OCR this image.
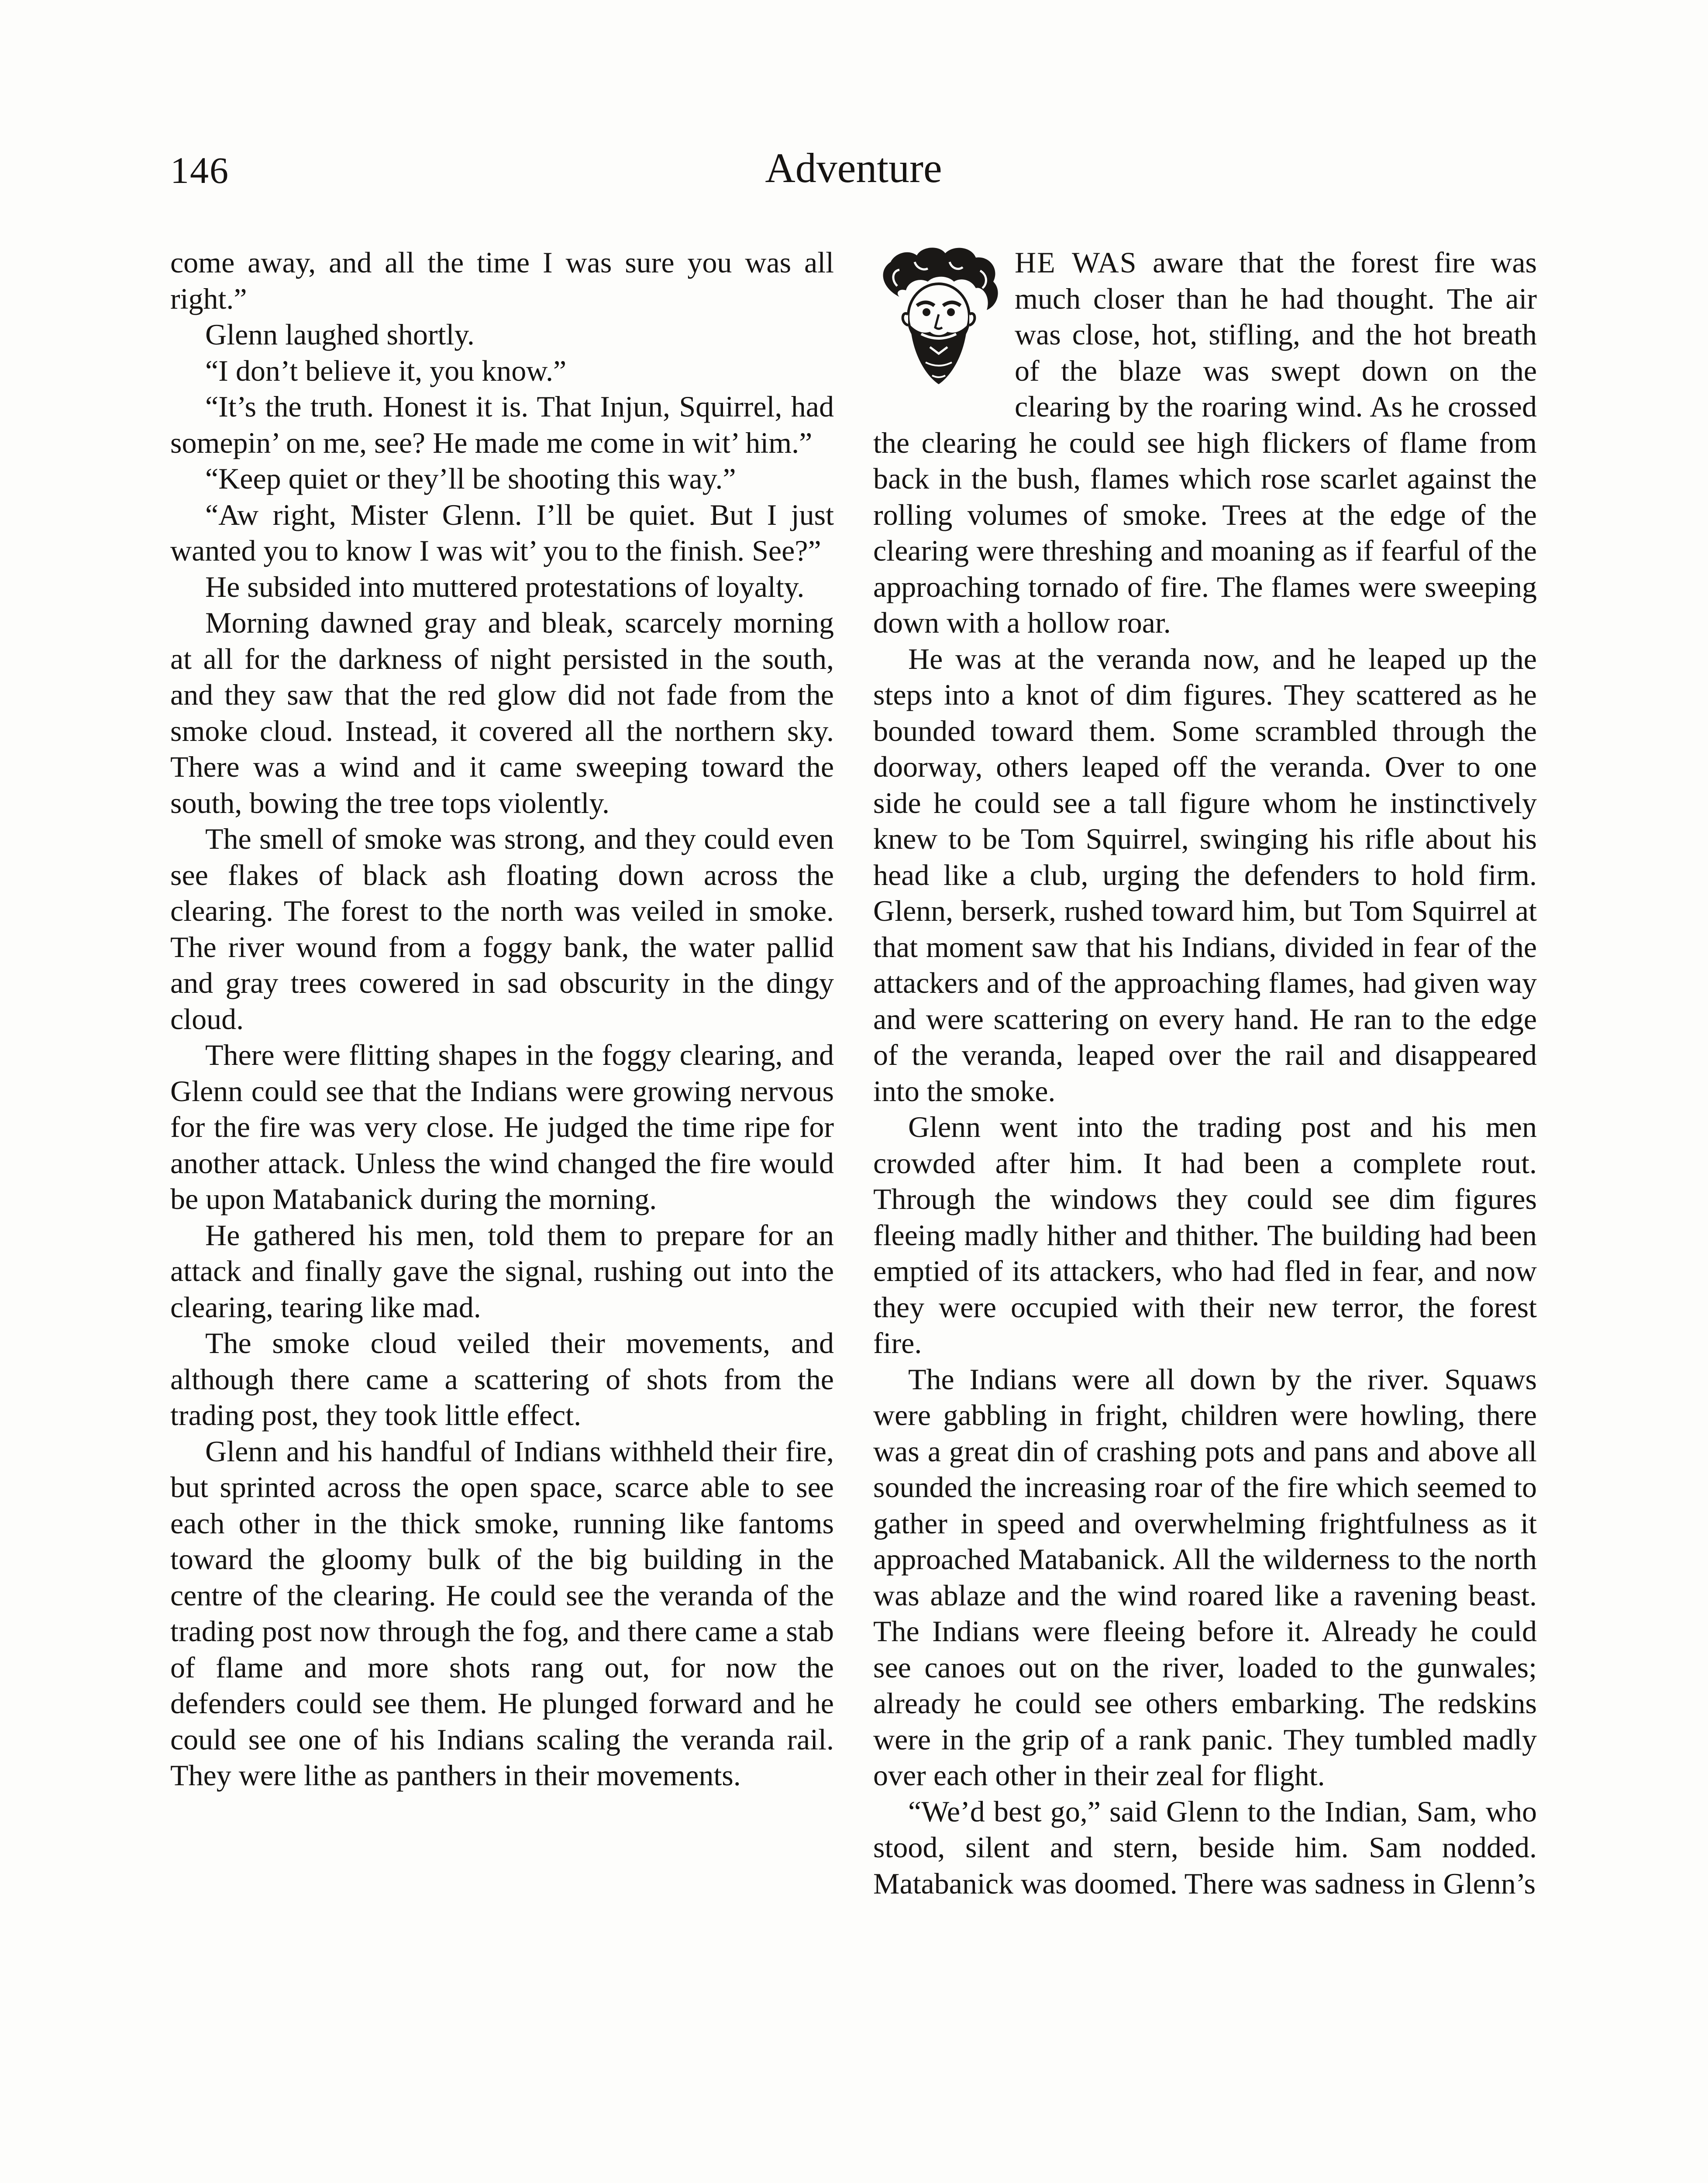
146	Adventure

come away, and all the time I was sure you was all right.”

Glenn laughed shortly.

“I don’t believe it, you know.”

“It’s the truth. Honest it is. That Injun, Squirrel, had somepin’ on me, see? He made me come in wit’ him.”

“Keep quiet or they’ll be shooting this way.”

“Aw right, Mister Glenn. I’ll be quiet. But I just wanted you to know I was wit’ you to the finish. See?”

He subsided into muttered protestations of loyalty.

Morning dawned gray and bleak, scarcely morning at all for the darkness of night persisted in the south, and they saw that the red glow did not fade from the smoke cloud. Instead, it covered all the northern sky. There was a wind and it came sweeping toward the south, bowing the tree tops violently.

The smell of smoke was strong, and they could even see flakes of black ash floating down across the clearing. The forest to the north was veiled in smoke. The river wound from a foggy bank, the water pallid and gray trees cowered in sad obscurity in the dingy cloud.

There were flitting shapes in the foggy clearing, and Glenn could see that the Indians were growing nervous for the fire was very close. He judged the time ripe for another attack. Unless the wind changed the fire would be upon Matabanick during the morning.

He gathered his men, told them to prepare for an attack and finally gave the signal, rushing out into the clearing, tearing like mad.

The smoke cloud veiled their movements, and although there came a scattering of shots from the trading post, they took little effect.

Glenn and his handful of Indians withheld their fire, but sprinted across the open space, scarce able to see each other in the thick smoke, running like fantoms toward the gloomy bulk of the big building in the centre of the clearing. He could see the veranda of the trading post now through the fog, and there came a stab of flame and more shots rang out, for now the defenders could see them. He plunged forward and he could see one of his Indians scaling the veranda rail. They were lithe as panthers in their movements.

HE WAS aware that the forest fire was much closer than he had thought. The air was close, hot, stifling, and the hot breath of the blaze was swept down on the clearing by the roaring wind. As he crossed the clearing he could see high flickers of flame from back in the bush, flames which rose scarlet against the rolling volumes of smoke. Trees at the edge of the clearing were threshing and moaning as if fearful of the approaching tornado of fire. The flames were sweeping down with a hollow roar.

He was at the veranda now, and he leaped up the steps into a knot of dim figures. They scattered as he bounded toward them. Some scrambled through the doorway, others leaped off the veranda. Over to one side he could see a tall figure whom he instinctively knew to be Tom Squirrel, swinging his rifle about his head like a club, urging the defenders to hold firm. Glenn, berserk, rushed toward him, but Tom Squirrel at that moment saw that his Indians, divided in fear of the attackers and of the approaching flames, had given way and were scattering on every hand. He ran to the edge of the veranda, leaped over the rail and disappeared into the smoke.

Glenn went into the trading post and his men crowded after him. It had been a complete rout. Through the windows they could see dim figures fleeing madly hither and thither. The building had been emptied of its attackers, who had fled in fear, and now they were occupied with their new terror, the forest fire.

The Indians were all down by the river. Squaws were gabbling in fright, children were howling, there was a great din of crashing pots and pans and above all sounded the increasing roar of the fire which seemed to gather in speed and overwhelming frightfulness as it approached Matabanick. All the wilderness to the north was ablaze and the wind roared like a ravening beast. The Indians were fleeing before it. Already he could see canoes out on the river, loaded to the gunwales; already he could see others embarking. The redskins were in the grip of a rank panic. They tumbled madly over each other in their zeal for flight.

“We’d best go,” said Glenn to the Indian, Sam, who stood, silent and stern, beside him. Sam nodded. Matabanick was doomed. There was sadness in Glenn’s
